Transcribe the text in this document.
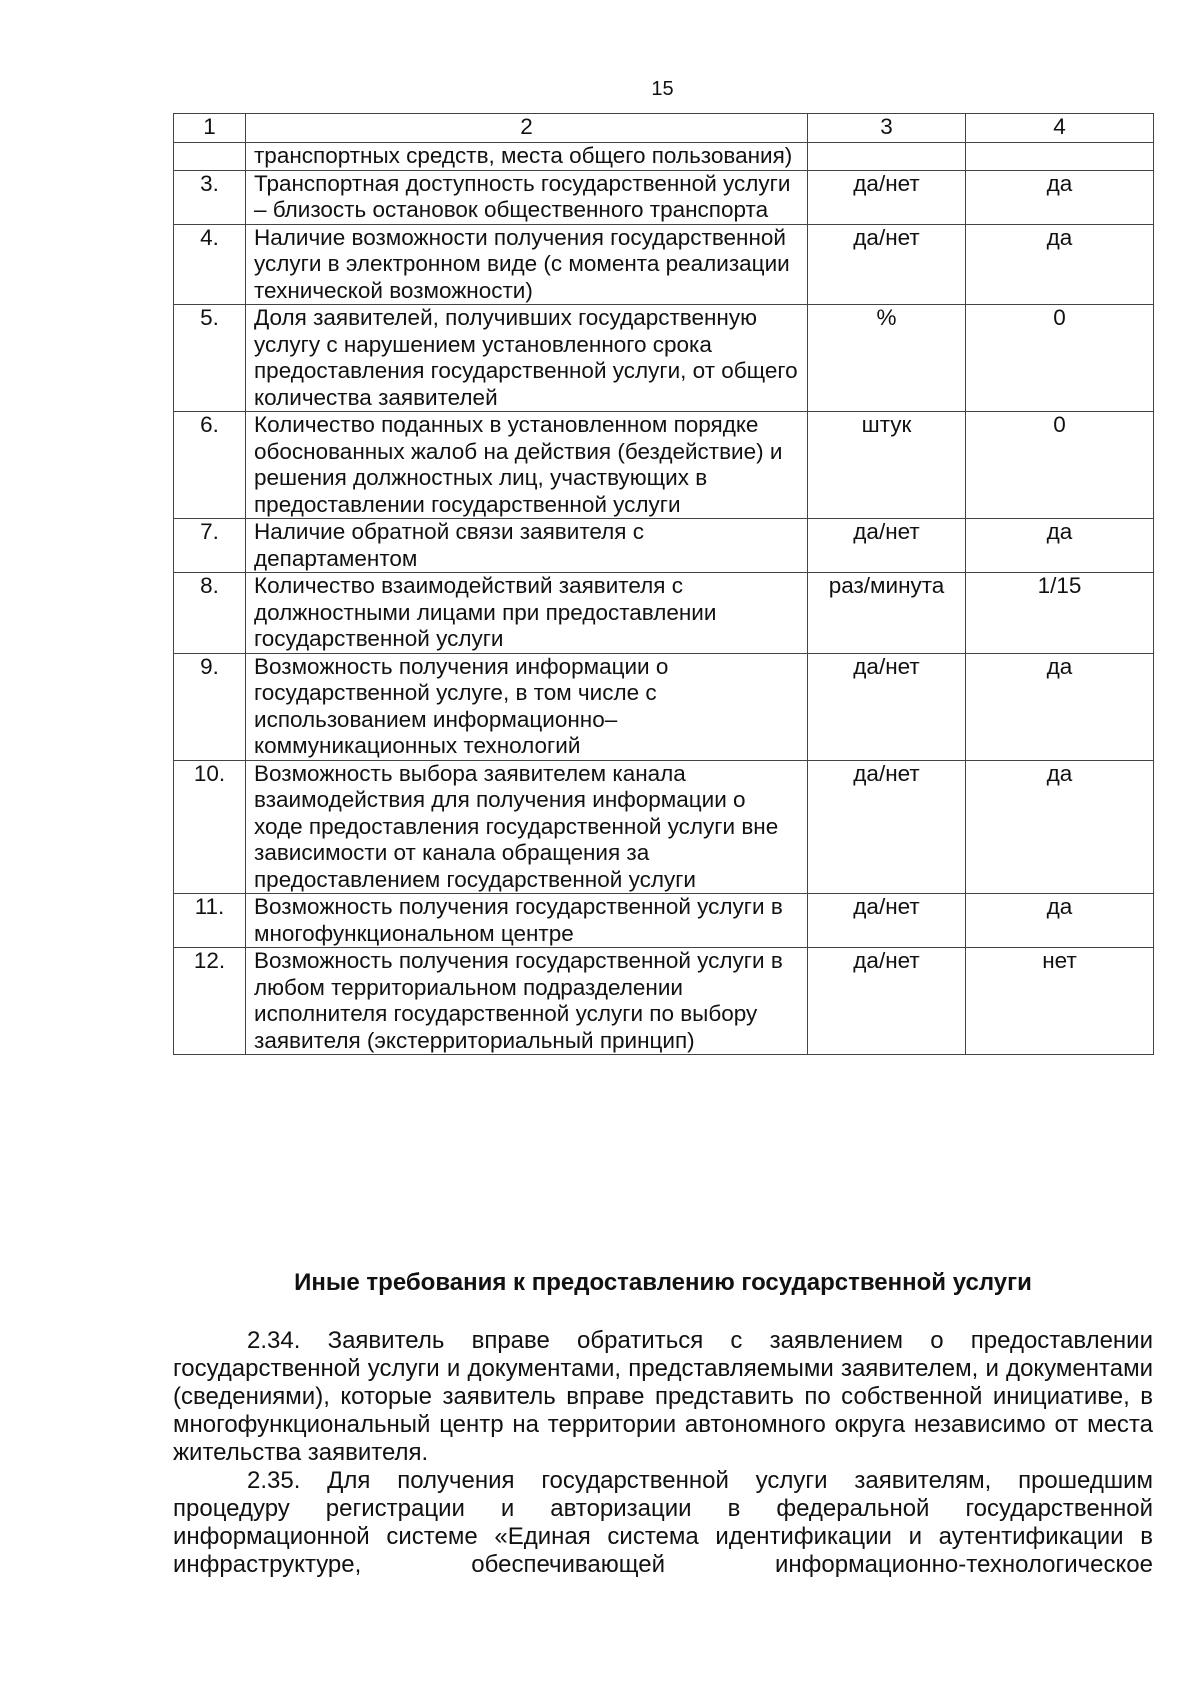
15
1	2	3	4
	транспортных средств, места общего пользования)		
3.	Транспортная доступность государственной услуги – близость остановок общественного транспорта	да/нет	да
4.	Наличие возможности получения государственной услуги в электронном виде (с момента реализации технической возможности)	да/нет	да
5.	Доля заявителей, получивших государственную услугу с нарушением установленного срока предоставления государственной услуги, от общего количества заявителей	%	0
6.	Количество поданных в установленном порядке обоснованных жалоб на действия (бездействие) и решения должностных лиц, участвующих в предоставлении государственной услуги	штук	0
7.	Наличие обратной связи заявителя с департаментом	да/нет	да
8.	Количество взаимодействий заявителя с должностными лицами при предоставлении государственной услуги	раз/минута	1/15
9.	Возможность получения информации о государственной услуге, в том числе с использованием информационно–коммуникационных технологий	да/нет	да
10.	Возможность выбора заявителем канала взаимодействия для получения информации о ходе предоставления государственной услуги вне зависимости от канала обращения за предоставлением государственной услуги	да/нет	да
11.	Возможность получения государственной услуги в многофункциональном центре	да/нет	да
12.	Возможность получения государственной услуги в любом территориальном подразделении исполнителя государственной услуги по выбору заявителя (экстерриториальный принцип)	да/нет	нет
Иные требования к предоставлению государственной услуги

2.34. Заявитель вправе обратиться с заявлением о предоставлении государственной услуги и документами, представляемыми заявителем, и документами (сведениями), которые заявитель вправе представить по собственной инициативе, в многофункциональный центр на территории автономного округа независимо от места жительства заявителя.

2.35. Для получения государственной услуги заявителям, прошедшим процедуру регистрации и авторизации в федеральной государственной информационной системе «Единая система идентификации и аутентификации в инфраструктуре, обеспечивающей информационно-технологическое
